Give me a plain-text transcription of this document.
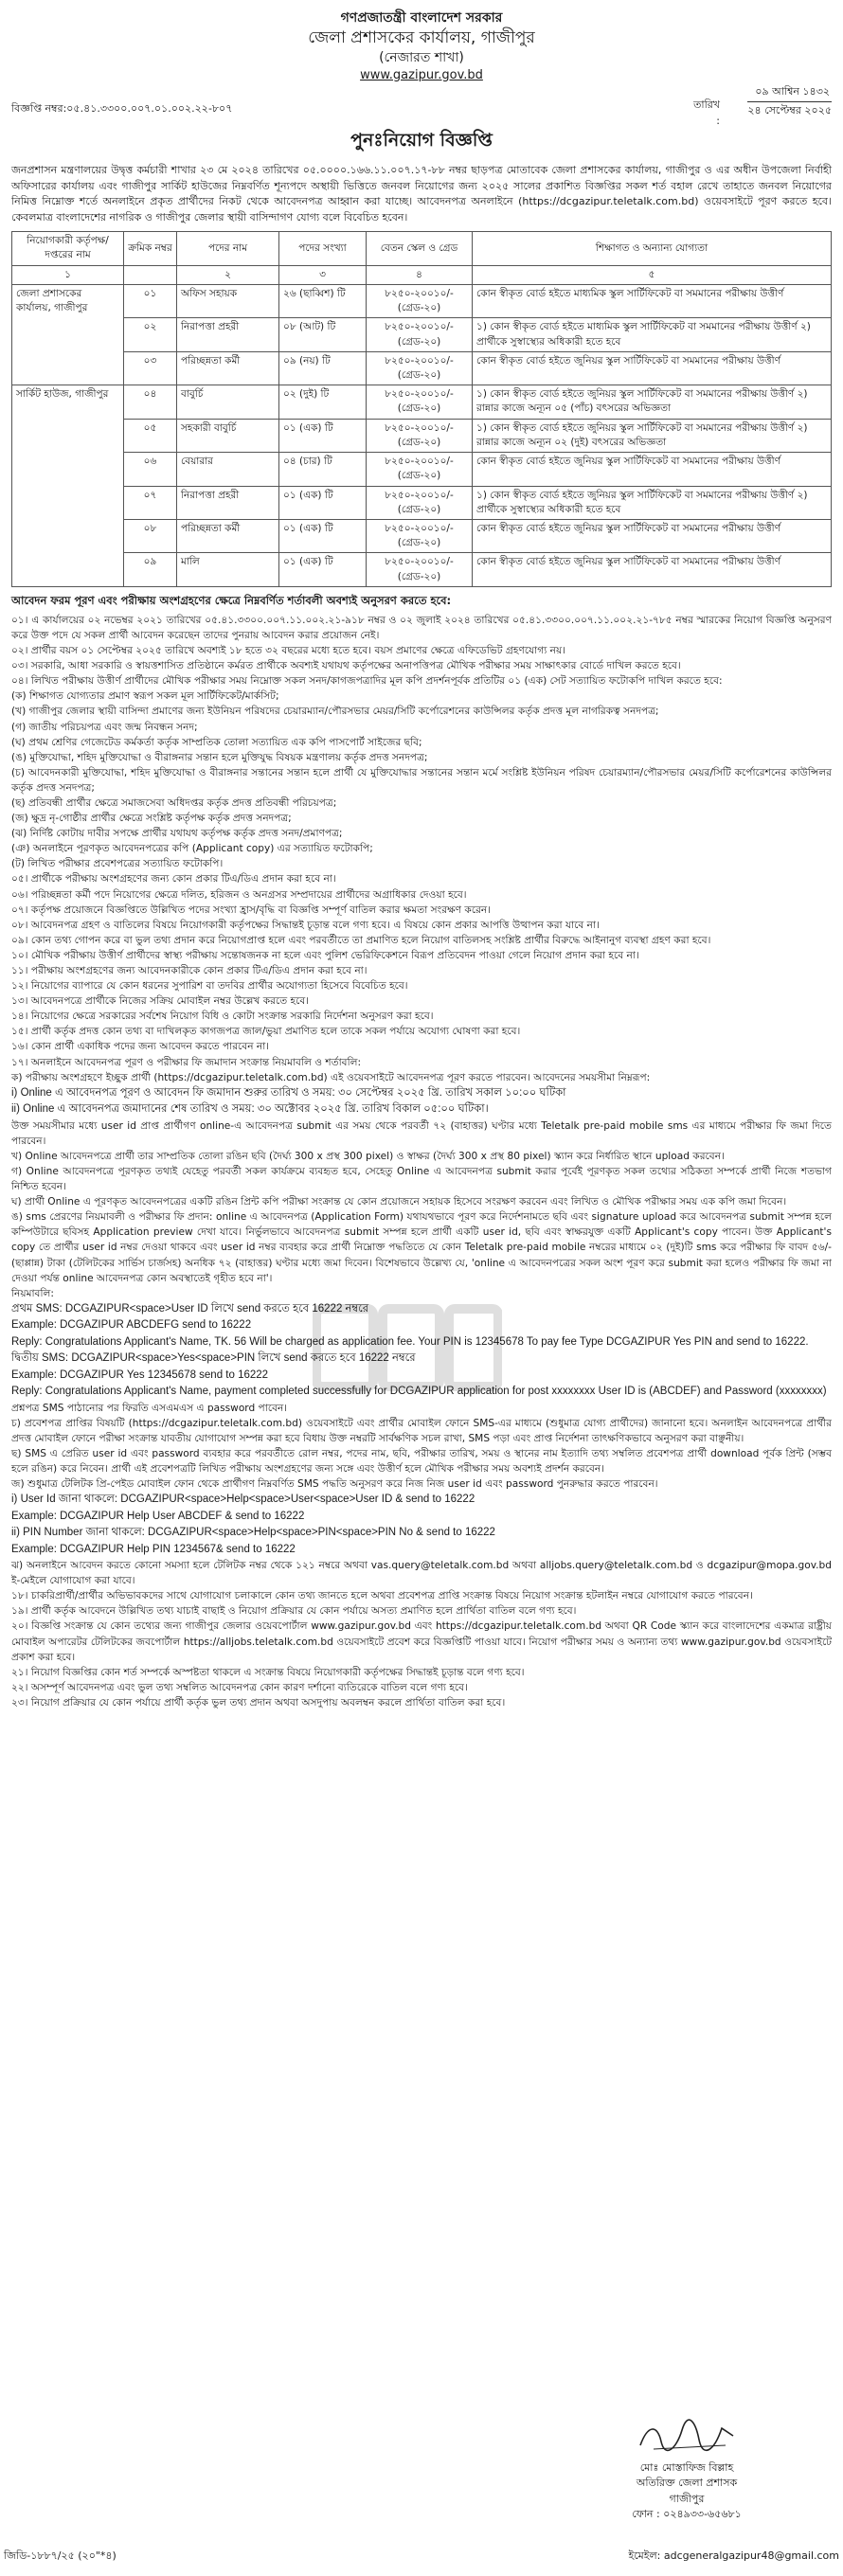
গণপ্রজাতন্ত্রী বাংলাদেশ সরকার
জেলা প্রশাসকের কার্যালয়, গাজীপুর
(নেজারত শাখা)
www.gazipur.gov.bd
বিজ্ঞপ্তি নম্বর:০৫.৪১.৩৩০০.০০৭.০১.০০২.২২-৮০৭	তারিখ :
০৯ আশ্বিন ১৪৩২
২৪ সেপ্টেম্বর ২০২৫
পুনঃনিয়োগ বিজ্ঞপ্তি

জনপ্রশাসন মন্ত্রণালয়ের উদ্বৃত্ত কর্মচারী শাখার ২৩ মে ২০২৪ তারিখের ০৫.০০০০.১৬৬.১১.০০৭.১৭-৮৮ নম্বর ছাড়পত্র মোতাবেক জেলা প্রশাসকের কার্যালয়, গাজীপুর ও এর অধীন উপজেলা নির্বাহী অফিসারের কার্যালয় এবং গাজীপুর সার্কিট হাউজের নিম্নবর্ণিত শূন্যপদে অস্থায়ী ভিত্তিতে জনবল নিয়োগের জন্য ২০২৫ সালের প্রকাশিত বিজ্ঞপ্তির সকল শর্ত বহাল রেখে তাহাতে জনবল নিয়োগের নিমিত্ত নিম্নোক্ত শর্তে অনলাইনে প্রকৃত প্রার্থীদের নিকট থেকে আবেদনপত্র আহ্বান করা যাচ্ছে। আবেদনপত্র অনলাইনে (https://dcgazipur.teletalk.com.bd) ওয়েবসাইটে পূরণ করতে হবে। কেবলমাত্র বাংলাদেশের নাগরিক ও গাজীপুর জেলার স্থায়ী বাসিন্দাগণ যোগ্য বলে বিবেচিত হবেন।

নিয়োগকারী কর্তৃপক্ষ/ দপ্তরের নাম	ক্রমিক নম্বর	পদের নাম	পদের সংখ্যা	বেতন স্কেল ও গ্রেড	শিক্ষাগত ও অন্যান্য যোগ্যতা
১		২	৩	৪	৫
জেলা প্রশাসকের কার্যালয়, গাজীপুর	০১	অফিস সহায়ক	২৬ (ছাব্বিশ) টি	৮২৫০-২০০১০/- (গ্রেড-২০)	কোন স্বীকৃত বোর্ড হইতে মাধ্যমিক স্কুল সার্টিফিকেট বা সমমানের পরীক্ষায় উত্তীর্ণ
	০২	নিরাপত্তা প্রহরী	০৮ (আট) টি	৮২৫০-২০০১০/- (গ্রেড-২০)	১) কোন স্বীকৃত বোর্ড হইতে মাধ্যমিক স্কুল সার্টিফিকেট বা সমমানের পরীক্ষায় উত্তীর্ণ ২) প্রার্থীকে সুস্বাস্থ্যের অধিকারী হতে হবে
	০৩	পরিচ্ছন্নতা কর্মী	০৯ (নয়) টি	৮২৫০-২০০১০/- (গ্রেড-২০)	কোন স্বীকৃত বোর্ড হইতে জুনিয়র স্কুল সার্টিফিকেট বা সমমানের পরীক্ষায় উত্তীর্ণ
সার্কিট হাউজ, গাজীপুর	০৪	বাবুর্চি	০২ (দুই) টি	৮২৫০-২০০১০/- (গ্রেড-২০)	১) কোন স্বীকৃত বোর্ড হইতে জুনিয়র স্কুল সার্টিফিকেট বা সমমানের পরীক্ষায় উত্তীর্ণ ২) রান্নার কাজে অন্যূন ০৫ (পাঁচ) বৎসরের অভিজ্ঞতা
	০৫	সহকারী বাবুর্চি	০১ (এক) টি	৮২৫০-২০০১০/- (গ্রেড-২০)	১) কোন স্বীকৃত বোর্ড হইতে জুনিয়র স্কুল সার্টিফিকেট বা সমমানের পরীক্ষায় উত্তীর্ণ ২) রান্নার কাজে অন্যূন ০২ (দুই) বৎসরের অভিজ্ঞতা
	০৬	বেয়ারার	০৪ (চার) টি	৮২৫০-২০০১০/- (গ্রেড-২০)	কোন স্বীকৃত বোর্ড হইতে জুনিয়র স্কুল সার্টিফিকেট বা সমমানের পরীক্ষায় উত্তীর্ণ
	০৭	নিরাপত্তা প্রহরী	০১ (এক) টি	৮২৫০-২০০১০/- (গ্রেড-২০)	১) কোন স্বীকৃত বোর্ড হইতে জুনিয়র স্কুল সার্টিফিকেট বা সমমানের পরীক্ষায় উত্তীর্ণ ২) প্রার্থীকে সুস্বাস্থ্যের অধিকারী হতে হবে
	০৮	পরিচ্ছন্নতা কর্মী	০১ (এক) টি	৮২৫০-২০০১০/- (গ্রেড-২০)	কোন স্বীকৃত বোর্ড হইতে জুনিয়র স্কুল সার্টিফিকেট বা সমমানের পরীক্ষায় উত্তীর্ণ
	০৯	মালি	০১ (এক) টি	৮২৫০-২০০১০/- (গ্রেড-২০)	কোন স্বীকৃত বোর্ড হইতে জুনিয়র স্কুল সার্টিফিকেট বা সমমানের পরীক্ষায় উত্তীর্ণ
আবেদন ফরম পূরণ এবং পরীক্ষায় অংশগ্রহণের ক্ষেত্রে নিম্নবর্ণিত শর্তাবলী অবশ্যই অনুসরণ করতে হবে:
০১। এ কার্যালয়ের ০২ নভেম্বর ২০২১ তারিখের ০৫.৪১.৩৩০০.০০৭.১১.০০২.২১-৯১৮ নম্বর ও ০২ জুলাই ২০২৪ তারিখের ০৫.৪১.৩৩০০.০০৭.১১.০০২.২১-৭৮৫ নম্বর স্মারকের নিয়োগ বিজ্ঞপ্তি অনুসরণ করে উক্ত পদে যে সকল প্রার্থী আবেদন করেছেন তাদের পুনরায় আবেদন করার প্রয়োজন নেই।
০২। প্রার্থীর বয়স ০১ সেপ্টেম্বর ২০২৫ তারিখে অবশ্যই ১৮ হতে ৩২ বছরের মধ্যে হতে হবে। বয়স প্রমাণের ক্ষেত্রে এফিডেভিট গ্রহণযোগ্য নয়।
০৩। সরকারি, আধা সরকারি ও স্বায়ত্তশাসিত প্রতিষ্ঠানে কর্মরত প্রার্থীকে অবশ্যই যথাযথ কর্তৃপক্ষের অনাপত্তিপত্র মৌখিক পরীক্ষার সময় সাক্ষাৎকার বোর্ডে দাখিল করতে হবে।
০৪। লিখিত পরীক্ষায় উত্তীর্ণ প্রার্থীদের মৌখিক পরীক্ষার সময় নিম্নোক্ত সকল সনদ/কাগজপত্রাদির মূল কপি প্রদর্শনপূর্বক প্রতিটির ০১ (এক) সেট সত্যায়িত ফটোকপি দাখিল করতে হবে:
(ক) শিক্ষাগত যোগ্যতার প্রমাণ স্বরূপ সকল মূল সার্টিফিকেট/মার্কসিট;
(খ) গাজীপুর জেলার স্থায়ী বাসিন্দা প্রমাণের জন্য ইউনিয়ন পরিষদের চেয়ারম্যান/পৌরসভার মেয়র/সিটি কর্পোরেশনের কাউন্সিলর কর্তৃক প্রদত্ত মূল নাগরিকত্ব সনদপত্র;
(গ) জাতীয় পরিচয়পত্র এবং জন্ম নিবন্ধন সনদ;
(ঘ) প্রথম শ্রেণির গেজেটেড কর্মকর্তা কর্তৃক সাম্প্রতিক তোলা সত্যায়িত এক কপি পাসপোর্ট সাইজের ছবি;
(ঙ) মুক্তিযোদ্ধা, শহিদ মুক্তিযোদ্ধা ও বীরাঙ্গনার সন্তান হলে মুক্তিযুদ্ধ বিষয়ক মন্ত্রণালয় কর্তৃক প্রদত্ত সনদপত্র;
(চ) আবেদনকারী মুক্তিযোদ্ধা, শহিদ মুক্তিযোদ্ধা ও বীরাঙ্গনার সন্তানের সন্তান হলে প্রার্থী যে মুক্তিযোদ্ধার সন্তানের সন্তান মর্মে সংশ্লিষ্ট ইউনিয়ন পরিষদ চেয়ারম্যান/পৌরসভার মেয়র/সিটি কর্পোরেশনের কাউন্সিলর কর্তৃক প্রদত্ত সনদপত্র;
(ছ) প্রতিবন্ধী প্রার্থীর ক্ষেত্রে সমাজসেবা অধিদপ্তর কর্তৃক প্রদত্ত প্রতিবন্ধী পরিচয়পত্র;
(জ) ক্ষুদ্র নৃ-গোষ্ঠীর প্রার্থীর ক্ষেত্রে সংশ্লিষ্ট কর্তৃপক্ষ কর্তৃক প্রদত্ত সনদপত্র;
(ঝ) নির্দিষ্ট কোটায় দাবীর সপক্ষে প্রার্থীর যথাযথ কর্তৃপক্ষ কর্তৃক প্রদত্ত সনদ/প্রমাণপত্র;
(ঞ) অনলাইনে পূরণকৃত আবেদনপত্রের কপি (Applicant copy) এর সত্যায়িত ফটোকপি;
(ট) লিখিত পরীক্ষার প্রবেশপত্রের সত্যায়িত ফটোকপি।
০৫। প্রার্থীকে পরীক্ষায় অংশগ্রহণের জন্য কোন প্রকার টিএ/ডিএ প্রদান করা হবে না।
০৬। পরিচ্ছন্নতা কর্মী পদে নিয়োগের ক্ষেত্রে দলিত, হরিজন ও অনগ্রসর সম্প্রদায়ের প্রার্থীদের অগ্রাধিকার দেওয়া হবে।
০৭। কর্তৃপক্ষ প্রয়োজনে বিজ্ঞপ্তিতে উল্লিখিত পদের সংখ্যা হ্রাস/বৃদ্ধি বা বিজ্ঞপ্তি সম্পূর্ণ বাতিল করার ক্ষমতা সংরক্ষণ করেন।
০৮। আবেদনপত্র গ্রহণ ও বাতিলের বিষয়ে নিয়োগকারী কর্তৃপক্ষের সিদ্ধান্তই চূড়ান্ত বলে গণ্য হবে। এ বিষয়ে কোন প্রকার আপত্তি উত্থাপন করা যাবে না।
০৯। কোন তথ্য গোপন করে বা ভুল তথ্য প্রদান করে নিয়োগপ্রাপ্ত হলে এবং পরবর্তীতে তা প্রমাণিত হলে নিয়োগ বাতিলসহ সংশ্লিষ্ট প্রার্থীর বিরুদ্ধে আইনানুগ ব্যবস্থা গ্রহণ করা হবে।
১০। মৌখিক পরীক্ষায় উত্তীর্ণ প্রার্থীদের স্বাস্থ্য পরীক্ষায় সন্তোষজনক না হলে এবং পুলিশ ভেরিফিকেশনে বিরূপ প্রতিবেদন পাওয়া গেলে নিয়োগ প্রদান করা হবে না।
১১। পরীক্ষায় অংশগ্রহণের জন্য আবেদনকারীকে কোন প্রকার টিএ/ডিএ প্রদান করা হবে না।
১২। নিয়োগের ব্যাপারে যে কোন ধরনের সুপারিশ বা তদবির প্রার্থীর অযোগ্যতা হিসেবে বিবেচিত হবে।
১৩। আবেদনপত্রে প্রার্থীকে নিজের সক্রিয় মোবাইল নম্বর উল্লেখ করতে হবে।
১৪। নিয়োগের ক্ষেত্রে সরকারের সর্বশেষ নিয়োগ বিধি ও কোটা সংক্রান্ত সরকারি নির্দেশনা অনুসরণ করা হবে।
১৫। প্রার্থী কর্তৃক প্রদত্ত কোন তথ্য বা দাখিলকৃত কাগজপত্র জাল/ভুয়া প্রমাণিত হলে তাকে সকল পর্যায়ে অযোগ্য ঘোষণা করা হবে।
১৬। কোন প্রার্থী একাধিক পদের জন্য আবেদন করতে পারবেন না।
১৭। অনলাইনে আবেদনপত্র পূরণ ও পরীক্ষার ফি জমাদান সংক্রান্ত নিয়মাবলি ও শর্তাবলি:
ক) পরীক্ষায় অংশগ্রহণে ইচ্ছুক প্রার্থী (https://dcgazipur.teletalk.com.bd) এই ওয়েবসাইটে আবেদনপত্র পূরণ করতে পারবেন। আবেদনের সময়সীমা নিম্নরূপ:
i) Online এ আবেদনপত্র পূরণ ও আবেদন ফি জমাদান শুরুর তারিখ ও সময়: ৩০ সেপ্টেম্বর ২০২৫ খ্রি. তারিখ সকাল ১০:০০ ঘটিকা
ii) Online এ আবেদনপত্র জমাদানের শেষ তারিখ ও সময়: ৩০ অক্টোবর ২০২৫ খ্রি. তারিখ বিকাল ০৫:০০ ঘটিকা।
উক্ত সময়সীমার মধ্যে user id প্রাপ্ত প্রার্থীগণ online-এ আবেদনপত্র submit এর সময় থেকে পরবর্তী ৭২ (বাহাত্তর) ঘণ্টার মধ্যে Teletalk pre-paid mobile sms এর মাধ্যমে পরীক্ষার ফি জমা দিতে পারবেন।
খ) Online আবেদনপত্রে প্রার্থী তার সাম্প্রতিক তোলা রঙিন ছবি (দৈর্ঘ্য 300 x প্রস্থ 300 pixel) ও স্বাক্ষর (দৈর্ঘ্য 300 x প্রস্থ 80 pixel) স্ক্যান করে নির্ধারিত স্থানে upload করবেন।
গ) Online আবেদনপত্রে পূরণকৃত তথ্যই যেহেতু পরবর্তী সকল কার্যক্রমে ব্যবহৃত হবে, সেহেতু Online এ আবেদনপত্র submit করার পূর্বেই পূরণকৃত সকল তথ্যের সঠিকতা সম্পর্কে প্রার্থী নিজে শতভাগ নিশ্চিত হবেন।
ঘ) প্রার্থী Online এ পূরণকৃত আবেদনপত্রের একটি রঙিন প্রিন্ট কপি পরীক্ষা সংক্রান্ত যে কোন প্রয়োজনে সহায়ক হিসেবে সংরক্ষণ করবেন এবং লিখিত ও মৌখিক পরীক্ষার সময় এক কপি জমা দিবেন।
ঙ) sms প্রেরণের নিয়মাবলী ও পরীক্ষার ফি প্রদান: online এ আবেদনপত্র (Application Form) যথাযথভাবে পূরণ করে নির্দেশনামতে ছবি এবং signature upload করে আবেদনপত্র submit সম্পন্ন হলে কম্পিউটারে ছবিসহ Application preview দেখা যাবে। নির্ভুলভাবে আবেদনপত্র submit সম্পন্ন হলে প্রার্থী একটি user id, ছবি এবং স্বাক্ষরযুক্ত একটি Applicant's copy পাবেন। উক্ত Applicant's copy তে প্রার্থীর user id নম্বর দেওয়া থাকবে এবং user id নম্বর ব্যবহার করে প্রার্থী নিম্নোক্ত পদ্ধতিতে যে কোন Teletalk pre-paid mobile নম্বরের মাধ্যমে ০২ (দুই)টি sms করে পরীক্ষার ফি বাবদ ৫৬/- (ছাপ্পান্ন) টাকা (টেলিটকের সার্ভিস চার্জসহ) অনধিক ৭২ (বাহাত্তর) ঘণ্টার মধ্যে জমা দিবেন। বিশেষভাবে উল্লেখ্য যে, 'online এ আবেদনপত্রের সকল অংশ পূরণ করে submit করা হলেও পরীক্ষার ফি জমা না দেওয়া পর্যন্ত online আবেদনপত্র কোন অবস্থাতেই গৃহীত হবে না'।
নিয়মাবলি:
প্রথম SMS: DCGAZIPUR<space>User ID লিখে send করতে হবে 16222 নম্বরে
Example: DCGAZIPUR ABCDEFG send to 16222
Reply: Congratulations Applicant's Name, TK. 56 Will be charged as application fee. Your PIN is 12345678 To pay fee Type DCGAZIPUR Yes PIN and send to 16222.
দ্বিতীয় SMS: DCGAZIPUR<space>Yes<space>PIN লিখে send করতে হবে 16222 নম্বরে
Example: DCGAZIPUR Yes 12345678 send to 16222
Reply: Congratulations Applicant's Name, payment completed successfully for DCGAZIPUR application for post xxxxxxxx User ID is (ABCDEF) and Password (xxxxxxxx)
প্রশ্নপত্র SMS পাঠানোর পর ফিরতি এসএমএস এ password পাবেন।
চ) প্রবেশপত্র প্রাপ্তির বিষয়টি (https://dcgazipur.teletalk.com.bd) ওয়েবসাইটে এবং প্রার্থীর মোবাইল ফোনে SMS-এর মাধ্যমে (শুধুমাত্র যোগ্য প্রার্থীদের) জানানো হবে। অনলাইন আবেদনপত্রে প্রার্থীর প্রদত্ত মোবাইল ফোনে পরীক্ষা সংক্রান্ত যাবতীয় যোগাযোগ সম্পন্ন করা হবে বিধায় উক্ত নম্বরটি সার্বক্ষণিক সচল রাখা, SMS পড়া এবং প্রাপ্ত নির্দেশনা তাৎক্ষণিকভাবে অনুসরণ করা বাঞ্ছনীয়।
ছ) SMS এ প্রেরিত user id এবং password ব্যবহার করে পরবর্তীতে রোল নম্বর, পদের নাম, ছবি, পরীক্ষার তারিখ, সময় ও স্থানের নাম ইত্যাদি তথ্য সম্বলিত প্রবেশপত্র প্রার্থী download পূর্বক প্রিন্ট (সম্ভব হলে রঙিন) করে নিবেন। প্রার্থী এই প্রবেশপত্রটি লিখিত পরীক্ষায় অংশগ্রহণের জন্য সঙ্গে এবং উত্তীর্ণ হলে মৌখিক পরীক্ষার সময় অবশ্যই প্রদর্শন করবেন।
জ) শুধুমাত্র টেলিটক প্রি-পেইড মোবাইল ফোন থেকে প্রার্থীগণ নিম্নবর্ণিত SMS পদ্ধতি অনুসরণ করে নিজ নিজ user id এবং password পুনরুদ্ধার করতে পারবেন।
i) User Id জানা থাকলে: DCGAZIPUR<space>Help<space>User<space>User ID & send to 16222
Example: DCGAZIPUR Help User ABCDEF & send to 16222
ii) PIN Number জানা থাকলে: DCGAZIPUR<space>Help<space>PIN<space>PIN No & send to 16222
Example: DCGAZIPUR Help PIN 1234567& send to 16222
ঝ) অনলাইনে আবেদন করতে কোনো সমস্যা হলে টেলিটক নম্বর থেকে ১২১ নম্বরে অথবা vas.query@teletalk.com.bd অথবা alljobs.query@teletalk.com.bd ও dcgazipur@mopa.gov.bd ই-মেইলে যোগাযোগ করা যাবে।
১৮। চাকরিপ্রার্থী/প্রার্থীর অভিভাবকদের সাথে যোগাযোগ চলাকালে কোন তথ্য জানতে হলে অথবা প্রবেশপত্র প্রাপ্তি সংক্রান্ত বিষয়ে নিয়োগ সংক্রান্ত হটলাইন নম্বরে যোগাযোগ করতে পারবেন।
১৯। প্রার্থী কর্তৃক আবেদনে উল্লিখিত তথ্য যাচাই বাছাই ও নিয়োগ প্রক্রিয়ার যে কোন পর্যায়ে অসত্য প্রমাণিত হলে প্রার্থিতা বাতিল বলে গণ্য হবে।
২০। বিজ্ঞপ্তি সংক্রান্ত যে কোন তথ্যের জন্য গাজীপুর জেলার ওয়েবপোর্টাল www.gazipur.gov.bd এবং https://dcgazipur.teletalk.com.bd অথবা QR Code স্ক্যান করে বাংলাদেশের একমাত্র রাষ্ট্রীয় মোবাইল অপারেটর টেলিটকের জবপোর্টাল https://alljobs.teletalk.com.bd ওয়েবসাইটে প্রবেশ করে বিজ্ঞপ্তিটি পাওয়া যাবে। নিয়োগ পরীক্ষার সময় ও অন্যান্য তথ্য www.gazipur.gov.bd ওয়েবসাইটে প্রকাশ করা হবে।
২১। নিয়োগ বিজ্ঞপ্তির কোন শর্ত সম্পর্কে অস্পষ্টতা থাকলে এ সংক্রান্ত বিষয়ে নিয়োগকারী কর্তৃপক্ষের সিদ্ধান্তই চূড়ান্ত বলে গণ্য হবে।
২২। অসম্পূর্ণ আবেদনপত্র এবং ভুল তথ্য সম্বলিত আবেদনপত্র কোন কারণ দর্শানো ব্যতিরেকে বাতিল বলে গণ্য হবে।
২৩। নিয়োগ প্রক্রিয়ার যে কোন পর্যায়ে প্রার্থী কর্তৃক ভুল তথ্য প্রদান অথবা অসদুপায় অবলম্বন করলে প্রার্থিতা বাতিল করা হবে।
মোঃ মোস্তাফিজ বিল্লাহ
অতিরিক্ত জেলা প্রশাসক
গাজীপুর
ফোন : ০২৪৯৩৩-৬৫৬৮১
জিডি-১৮৮৭/২৫ (২০"*৪)	ইমেইল: adcgeneralgazipur48@gmail.com
